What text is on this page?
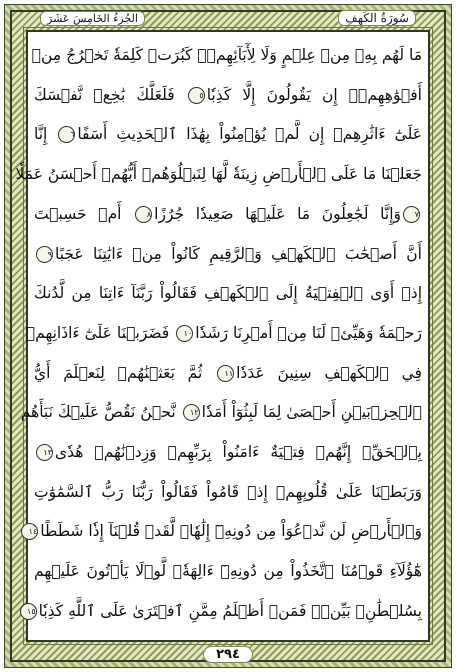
سُورَةُ الكَهفِ
الجُزءُ الخَامِسَ عَشَرَ
مَا لَهُم بِهِۦ مِنۡ عِلۡمٍ وَلَا لِأٓبَآئِهِمۡۚ كَبُرَتۡ كَلِمَةٗ تَخۡرُجُ مِنۡ
أَفۡوَٰهِهِمۡۚ إِن يَقُولُونَ إِلَّا كَذِبٗا٥ فَلَعَلَّكَ بَٰخِعٞ نَّفۡسَكَ
عَلَىٰٓ ءَاثَٰرِهِمۡ إِن لَّمۡ يُؤۡمِنُواْ بِهَٰذَا ٱلۡحَدِيثِ أَسَفًا٦ إِنَّا
جَعَلۡنَا مَا عَلَى ٱلۡأَرۡضِ زِينَةٗ لَّهَا لِنَبۡلُوَهُمۡ أَيُّهُمۡ أَحۡسَنُ عَمَلٗا
٧وَإِنَّا لَجَٰعِلُونَ مَا عَلَيۡهَا صَعِيدٗا جُرُزًا٨ أَمۡ حَسِبۡتَ
أَنَّ أَصۡحَٰبَ ٱلۡكَهۡفِ وَٱلرَّقِيمِ كَانُواْ مِنۡ ءَايَٰتِنَا عَجَبًا٩
إِذۡ أَوَى ٱلۡفِتۡيَةُ إِلَى ٱلۡكَهۡفِ فَقَالُواْ رَبَّنَآ ءَاتِنَا مِن لَّدُنكَ
رَحۡمَةٗ وَهَيِّئۡ لَنَا مِنۡ أَمۡرِنَا رَشَدٗا١٠ فَضَرَبۡنَا عَلَىٰٓ ءَاذَانِهِمۡ
فِي ٱلۡكَهۡفِ سِنِينَ عَدَدٗا١١ ثُمَّ بَعَثۡنَٰهُمۡ لِنَعۡلَمَ أَيُّ
ٱلۡحِزۡبَيۡنِ أَحۡصَىٰ لِمَا لَبِثُوٓاْ أَمَدٗا١٢ نَّحۡنُ نَقُصُّ عَلَيۡكَ نَبَأَهُم
بِٱلۡحَقِّۚ إِنَّهُمۡ فِتۡيَةٌ ءَامَنُواْ بِرَبِّهِمۡ وَزِدۡنَٰهُمۡ هُدٗى١٣
وَرَبَطۡنَا عَلَىٰ قُلُوبِهِمۡ إِذۡ قَامُواْ فَقَالُواْ رَبُّنَا رَبُّ ٱلسَّمَٰوَٰتِ
وَٱلۡأَرۡضِ لَن نَّدۡعُوَاْ مِن دُونِهِۦٓ إِلَٰهٗاۖ لَّقَدۡ قُلۡنَآ إِذٗا شَطَطًا١٤
هَٰٓؤُلَآءِ قَوۡمُنَا ٱتَّخَذُواْ مِن دُونِهِۦٓ ءَالِهَةٗۖ لَّوۡلَا يَأۡتُونَ عَلَيۡهِم
بِسُلۡطَٰنِۭ بَيِّنٖۖ فَمَنۡ أَظۡلَمُ مِمَّنِ ٱفۡتَرَىٰ عَلَى ٱللَّهِ كَذِبٗا١٥
٢٩٤
